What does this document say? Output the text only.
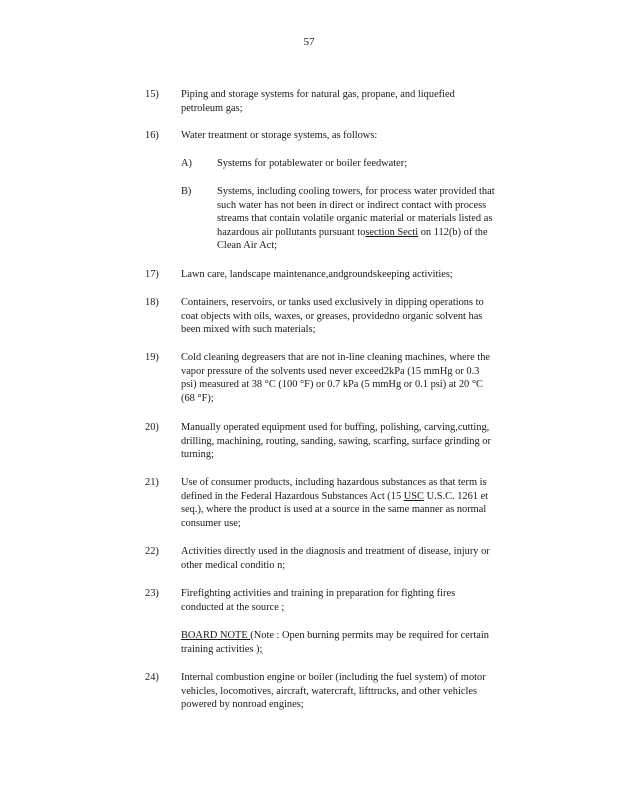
57
15)	Piping and storage systems for natural gas, propane, and liquefied
petroleum gas;
16)	Water treatment or storage systems, as follows:
A)	Systems for potablewater or boiler feedwater;
B)	Systems, including cooling towers, for process water provided that
such water has not been in direct or indirect contact with process
streams that contain volatile organic material or materials listed as
hazardous air pollutants pursuant tosection Secti on 112(b) of the
Clean Air Act;
17)	Lawn care, landscape maintenance,andgroundskeeping activities;
18)	Containers, reservoirs, or tanks used exclusively in dipping operations to
coat objects with oils, waxes, or greases, providedno organic solvent has
been mixed with such materials;
19)	Cold cleaning degreasers that are not in-line cleaning machines, where the
vapor pressure of the solvents used never exceed2kPa (15 mmHg or 0.3
psi) measured at 38 °C (100 °F) or 0.7 kPa (5 mmHg or 0.1 psi) at 20 °C
(68 °F);
20)	Manually operated equipment used for buffing, polishing, carving,cutting,
drilling, machining, routing, sanding, sawing, scarfing, surface grinding or
turning;
21)	Use of consumer products, including hazardous substances as that term is
defined in the Federal Hazardous Substances Act (15 USC U.S.C. 1261 et
seq.), where the product is used at a source in the same manner as normal
consumer use;
22)	Activities directly used in the diagnosis and treatment of disease, injury or
other medical conditio n;
23)	Firefighting activities and training in preparation for fighting fires
conducted at the source ;
BOARD NOTE (Note : Open burning permits may be required for certain
training activities );
24)	Internal combustion engine or boiler (including the fuel system) of motor
vehicles, locomotives, aircraft, watercraft, lifttrucks, and other vehicles
powered by nonroad engines;
